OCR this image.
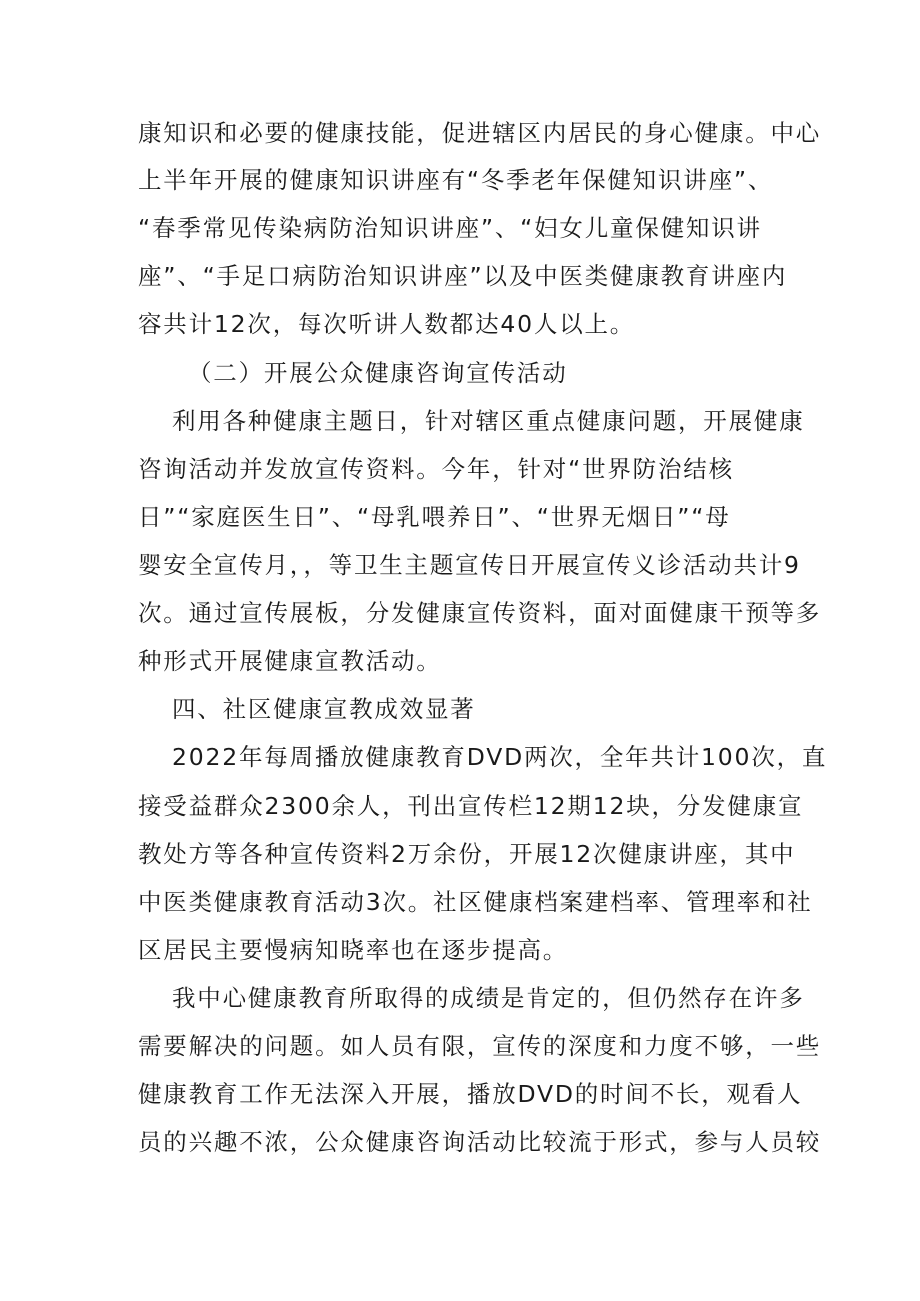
康知识和必要的健康技能，促进辖区内居民的身心健康。中心
上半年开展的健康知识讲座有“冬季老年保健知识讲座”、
“春季常见传染病防治知识讲座”、“妇女儿童保健知识讲
座”、“手足口病防治知识讲座”以及中医类健康教育讲座内
容共计12次，每次听讲人数都达40人以上。
（二）开展公众健康咨询宣传活动
利用各种健康主题日，针对辖区重点健康问题，开展健康
咨询活动并发放宣传资料。今年，针对“世界防治结核
日”“家庭医生日”、“母乳喂养日”、“世界无烟日”“母
婴安全宣传月，，等卫生主题宣传日开展宣传义诊活动共计9
次。通过宣传展板，分发健康宣传资料，面对面健康干预等多
种形式开展健康宣教活动。
四、社区健康宣教成效显著
2022年每周播放健康教育DVD两次，全年共计100次，直
接受益群众2300余人，刊出宣传栏12期12块，分发健康宣
教处方等各种宣传资料2万余份，开展12次健康讲座，其中
中医类健康教育活动3次。社区健康档案建档率、管理率和社
区居民主要慢病知晓率也在逐步提高。
我中心健康教育所取得的成绩是肯定的，但仍然存在许多
需要解决的问题。如人员有限，宣传的深度和力度不够，一些
健康教育工作无法深入开展，播放DVD的时间不长，观看人
员的兴趣不浓，公众健康咨询活动比较流于形式，参与人员较
